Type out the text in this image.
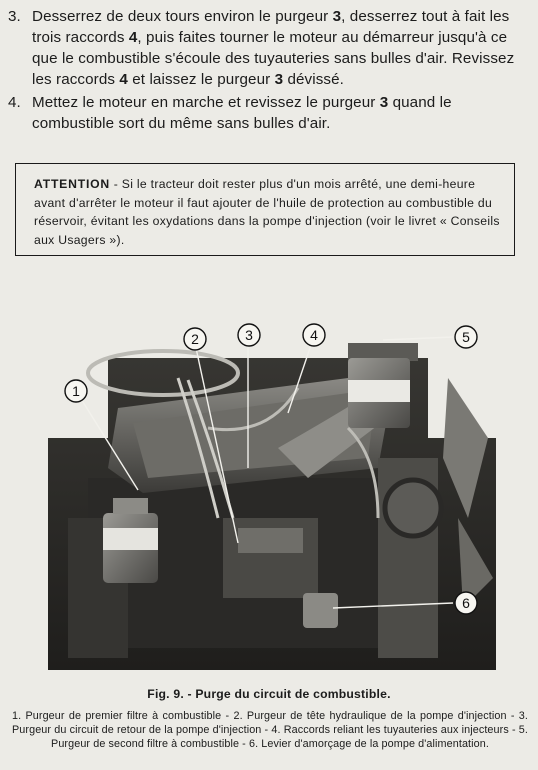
3. Desserrez de deux tours environ le purgeur 3, desserrez tout à fait les trois raccords 4, puis faites tourner le moteur au démarreur jusqu'à ce que le combustible s'écoule des tuyauteries sans bulles d'air. Revissez les raccords 4 et laissez le purgeur 3 dévissé.
4. Mettez le moteur en marche et revissez le purgeur 3 quand le combustible sort du même sans bulles d'air.
ATTENTION - Si le tracteur doit rester plus d'un mois arrêté, une demi-heure avant d'arrêter le moteur il faut ajouter de l'huile de protection au combustible du réservoir, évitant les oxydations dans la pompe d'injection (voir le livret « Conseils aux Usagers »).
1
2	3	4	5
6
Fig. 9. - Purge du circuit de combustible.
1. Purgeur de premier filtre à combustible - 2. Purgeur de tête hydraulique de la pompe d'injection - 3. Purgeur du circuit de retour de la pompe d'injection - 4. Raccords reliant les tuyauteries aux injecteurs - 5. Purgeur de second filtre à combustible - 6. Levier d'amorçage de la pompe d'alimentation.
